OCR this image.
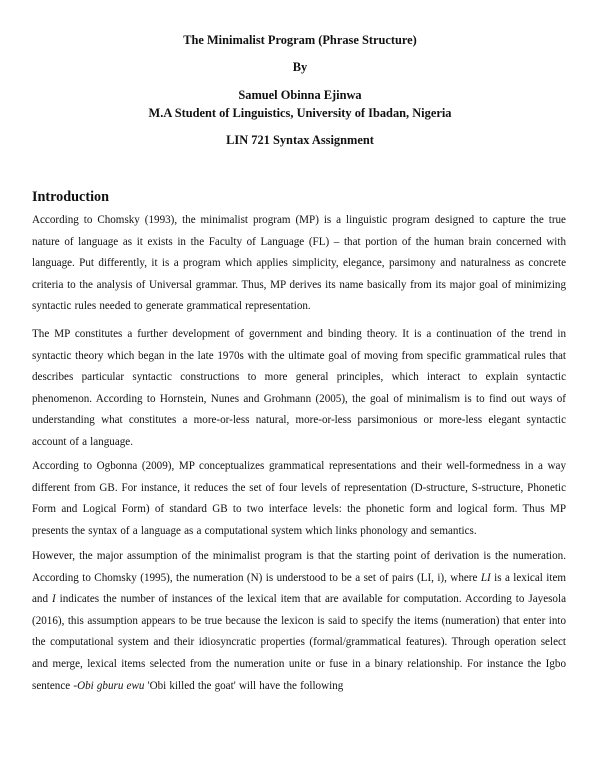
The Minimalist Program (Phrase Structure)
By
Samuel Obinna Ejinwa
M.A Student of Linguistics, University of Ibadan, Nigeria
LIN 721 Syntax Assignment
Introduction

According to Chomsky (1993), the minimalist program (MP) is a linguistic program designed to capture the true nature of language as it exists in the Faculty of Language (FL) – that portion of the human brain concerned with language. Put differently, it is a program which applies simplicity, elegance, parsimony and naturalness as concrete criteria to the analysis of Universal grammar. Thus, MP derives its name basically from its major goal of minimizing syntactic rules needed to generate grammatical representation.

The MP constitutes a further development of government and binding theory. It is a continuation of the trend in syntactic theory which began in the late 1970s with the ultimate goal of moving from specific grammatical rules that describes particular syntactic constructions to more general principles, which interact to explain syntactic phenomenon. According to Hornstein, Nunes and Grohmann (2005), the goal of minimalism is to find out ways of understanding what constitutes a more-or-less natural, more-or-less parsimonious or more-less elegant syntactic account of a language.

According to Ogbonna (2009), MP conceptualizes grammatical representations and their well-formedness in a way different from GB. For instance, it reduces the set of four levels of representation (D-structure, S-structure, Phonetic Form and Logical Form) of standard GB to two interface levels: the phonetic form and logical form. Thus MP presents the syntax of a language as a computational system which links phonology and semantics.

However, the major assumption of the minimalist program is that the starting point of derivation is the numeration. According to Chomsky (1995), the numeration (N) is understood to be a set of pairs (LI, i), where LI is a lexical item and I indicates the number of instances of the lexical item that are available for computation. According to Jayesola (2016), this assumption appears to be true because the lexicon is said to specify the items (numeration) that enter into the computational system and their idiosyncratic properties (formal/grammatical features). Through operation select and merge, lexical items selected from the numeration unite or fuse in a binary relationship. For instance the Igbo sentence -Obi gburu ewu 'Obi killed the goat' will have the following
